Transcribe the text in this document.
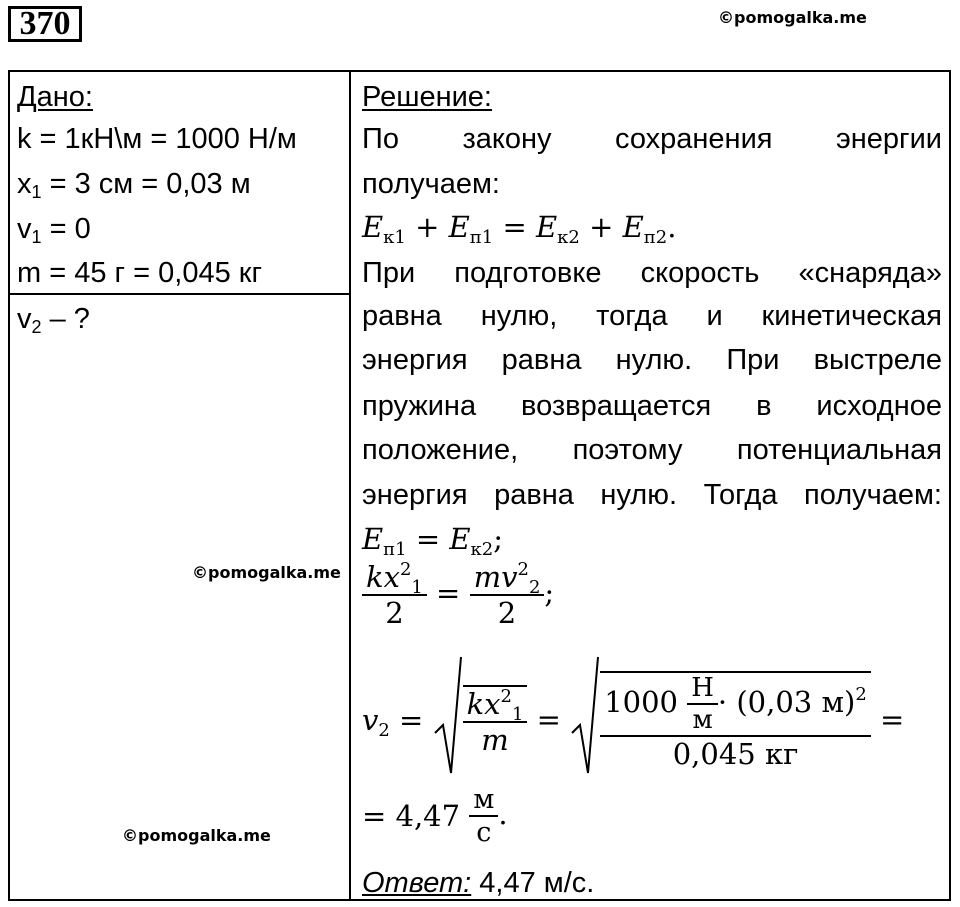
370	©pomogalka.me
©pomogalka.me
©pomogalka.me
Дано:
k = 1кН\м = 1000 Н/м
$x_1 = 3$ см = 0,03 м
$v_1 = 0$
m = 45 г = 0,045 кг
$v_2$ – ?
Решение:
По закону сохранения энергии
получаем:
$E_{к1} + E_{п1} = E_{к2} + E_{п2}$.
При подготовке скорость «снаряда»
равна нулю, тогда и кинетическая
энергия равна нулю. При выстреле
пружина возвращается в исходное
положение, поэтому потенциальная
энергия равна нулю. Тогда получаем:
$E_{п1} = E_{к2}$;
$\frac{kx^2_1}{2} = \frac{mv^2_2}{2}$ ;
$v_2 = \frac{kx^2_1}{m} = \frac{1000 \frac{Н}{м} \cdot (0,03 м)^2}{0,045 кг}$ =
= $4,47 \frac{м}{с}$ .
Ответ: 4,47 м/с.
